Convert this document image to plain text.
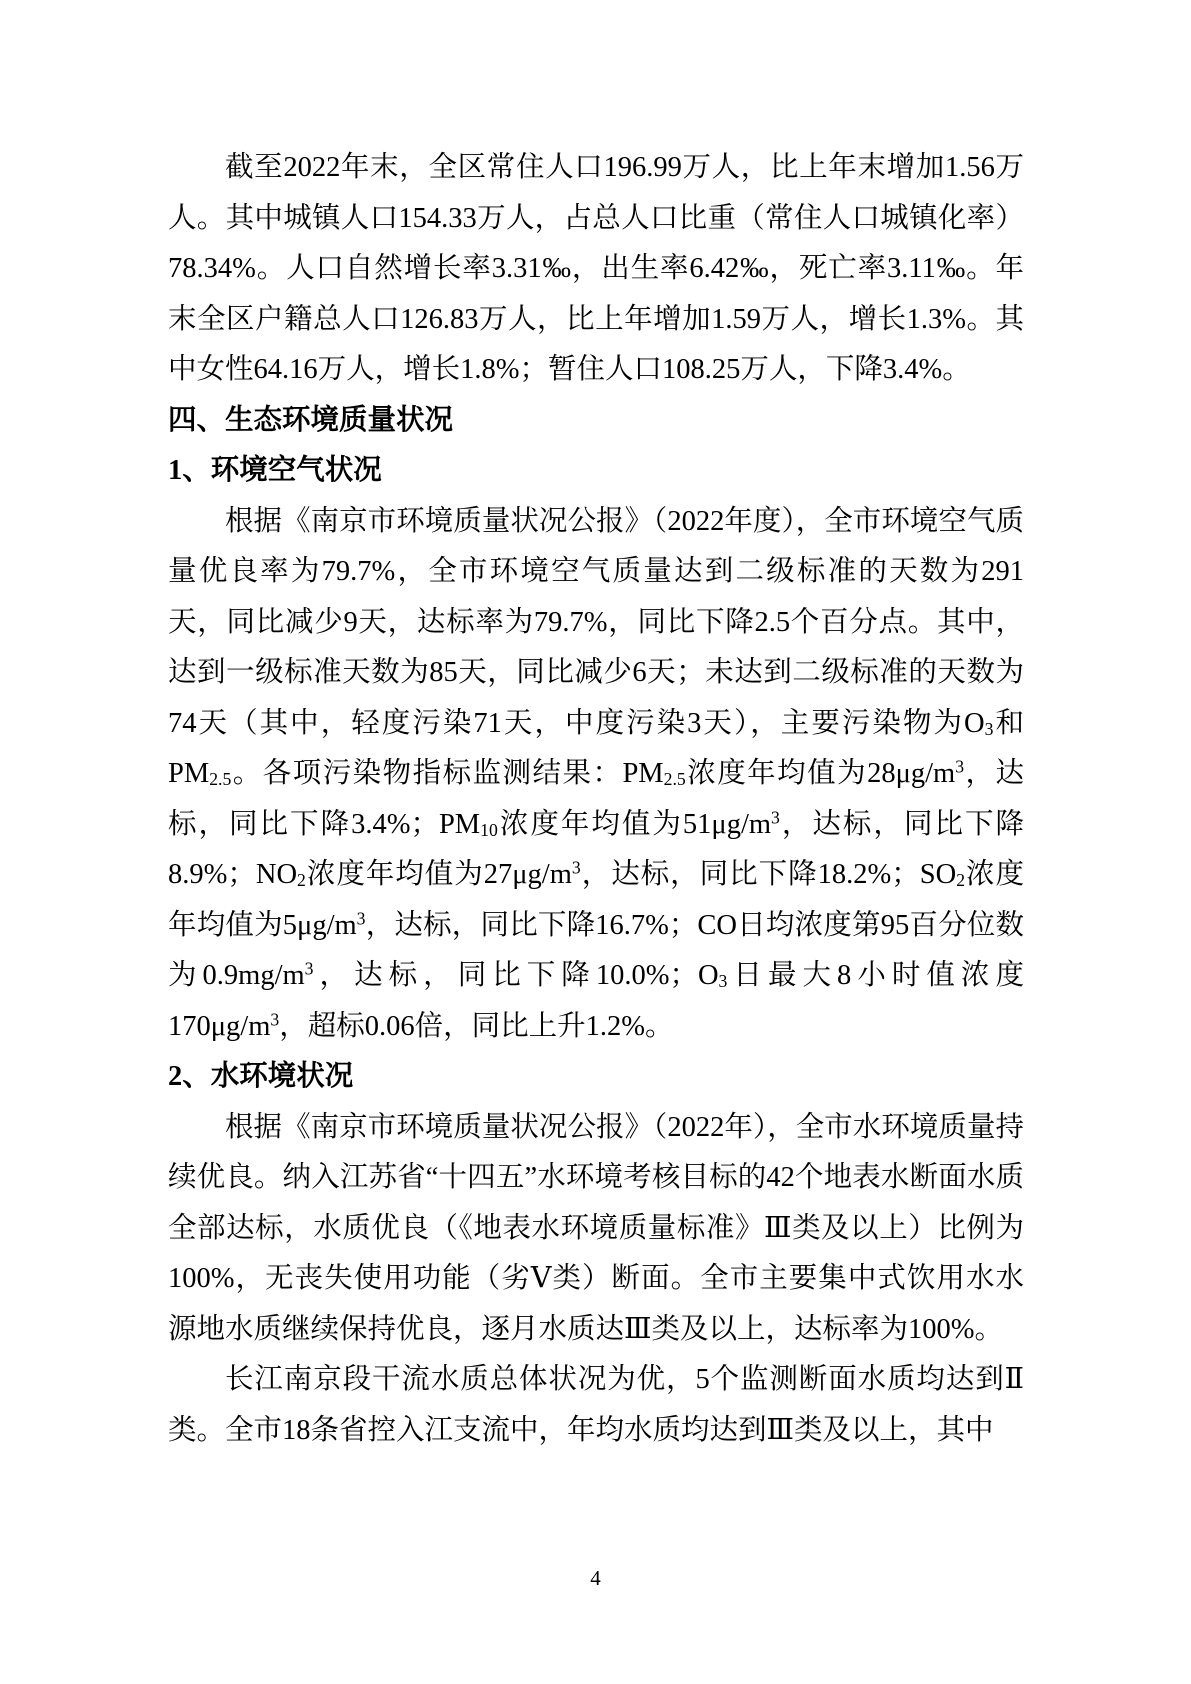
截至2022年末，全区常住人口196.99万人，比上年末增加1.56万人。其中城镇人口154.33万人，占总人口比重（常住人口城镇化率）78.34%。人口自然增长率3.31‰，出生率6.42‰，死亡率3.11‰。年末全区户籍总人口126.83万人，比上年增加1.59万人，增长1.3%。其中女性64.16万人，增长1.8%；暂住人口108.25万人，下降3.4%。

四、生态环境质量状况

1、环境空气状况

根据《南京市环境质量状况公报》（2022年度），全市环境空气质量优良率为79.7%，全市环境空气质量达到二级标准的天数为291天，同比减少9天，达标率为79.7%，同比下降2.5个百分点。其中，达到一级标准天数为85天，同比减少6天；未达到二级标准的天数为74天（其中，轻度污染71天，中度污染3天），主要污染物为$O_3$和$PM_{2.5}$。各项污染物指标监测结果：$PM_{2.5}$浓度年均值为$28\mu g/m^3$，达标，同比下降3.4%；$PM_{10}$浓度年均值为$51\mu g/m^3$，达标，同比下降8.9%；$NO_2$浓度年均值为$27\mu g/m^3$，达标，同比下降18.2%；$SO_2$浓度年均值为$5\mu g/m^3$，达标，同比下降16.7%；CO日均浓度第95百分位数为$0.9mg/m^3$，达标，同比下降10.0%；$O_3$日最大8小时值浓度$170\mu g/m^3$，超标0.06倍，同比上升1.2%。

2、水环境状况

根据《南京市环境质量状况公报》（2022年），全市水环境质量持续优良。纳入江苏省“十四五”水环境考核目标的42个地表水断面水质全部达标，水质优良（《地表水环境质量标准》Ⅲ类及以上）比例为100%，无丧失使用功能（劣Ⅴ类）断面。全市主要集中式饮用水水源地水质继续保持优良，逐月水质达Ⅲ类及以上，达标率为100%。

长江南京段干流水质总体状况为优，5个监测断面水质均达到Ⅱ类。全市18条省控入江支流中，年均水质均达到Ⅲ类及以上，其中

4
